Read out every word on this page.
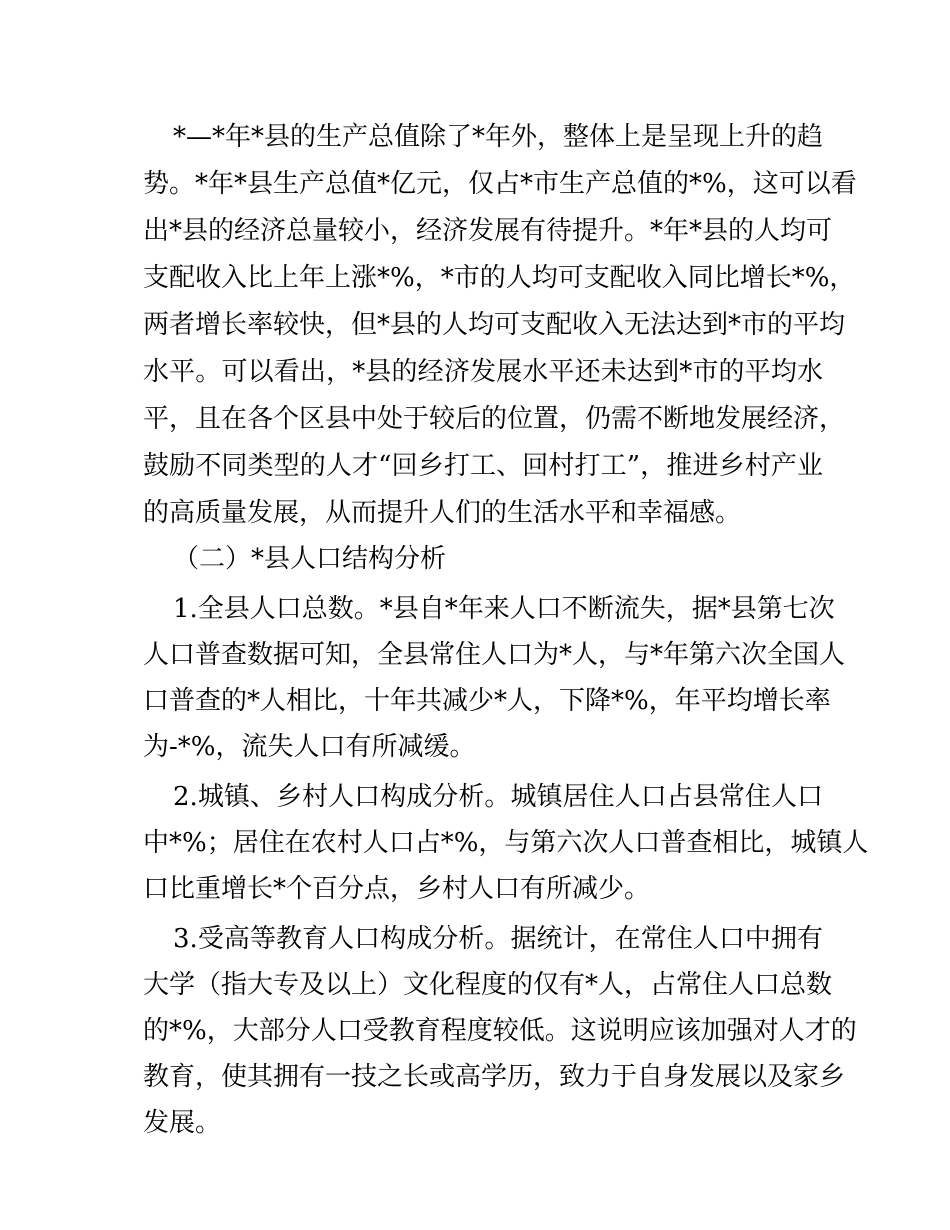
*—*年*县的生产总值除了*年外，整体上是呈现上升的趋
势。*年*县生产总值*亿元，仅占*市生产总值的*%，这可以看
出*县的经济总量较小，经济发展有待提升。*年*县的人均可
支配收入比上年上涨*%，*市的人均可支配收入同比增长*%，
两者增长率较快，但*县的人均可支配收入无法达到*市的平均
水平。可以看出，*县的经济发展水平还未达到*市的平均水
平，且在各个区县中处于较后的位置，仍需不断地发展经济，
鼓励不同类型的人才“回乡打工、回村打工”，推进乡村产业
的高质量发展，从而提升人们的生活水平和幸福感。
（二）*县人口结构分析
1.全县人口总数。*县自*年来人口不断流失，据*县第七次
人口普查数据可知，全县常住人口为*人，与*年第六次全国人
口普查的*人相比，十年共减少*人，下降*%，年平均增长率
为-*%，流失人口有所减缓。
2.城镇、乡村人口构成分析。城镇居住人口占县常住人口
中*%；居住在农村人口占*%，与第六次人口普查相比，城镇人
口比重增长*个百分点，乡村人口有所减少。
3.受高等教育人口构成分析。据统计，在常住人口中拥有
大学（指大专及以上）文化程度的仅有*人，占常住人口总数
的*%，大部分人口受教育程度较低。这说明应该加强对人才的
教育，使其拥有一技之长或高学历，致力于自身发展以及家乡
发展。
